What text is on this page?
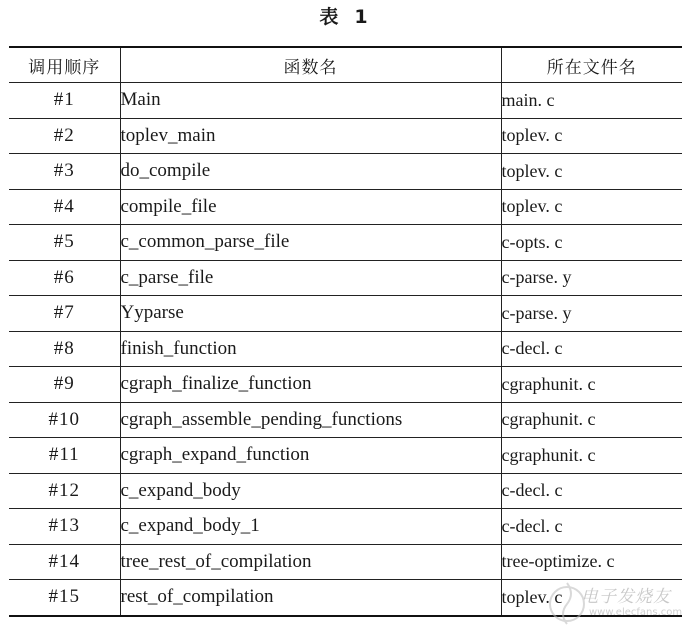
表 1
调用顺序	函数名	所在文件名
#1	Main	main. c
#2	toplev_main	toplev. c
#3	do_compile	toplev. c
#4	compile_file	toplev. c
#5	c_common_parse_file	c-opts. c
#6	c_parse_file	c-parse. y
#7	Yyparse	c-parse. y
#8	finish_function	c-decl. c
#9	cgraph_finalize_function	cgraphunit. c
#10	cgraph_assemble_pending_functions	cgraphunit. c
#11	cgraph_expand_function	cgraphunit. c
#12	c_expand_body	c-decl. c
#13	c_expand_body_1	c-decl. c
#14	tree_rest_of_compilation	tree-optimize. c
#15	rest_of_compilation	toplev. c 电子发烧友
www.elecfans.com
